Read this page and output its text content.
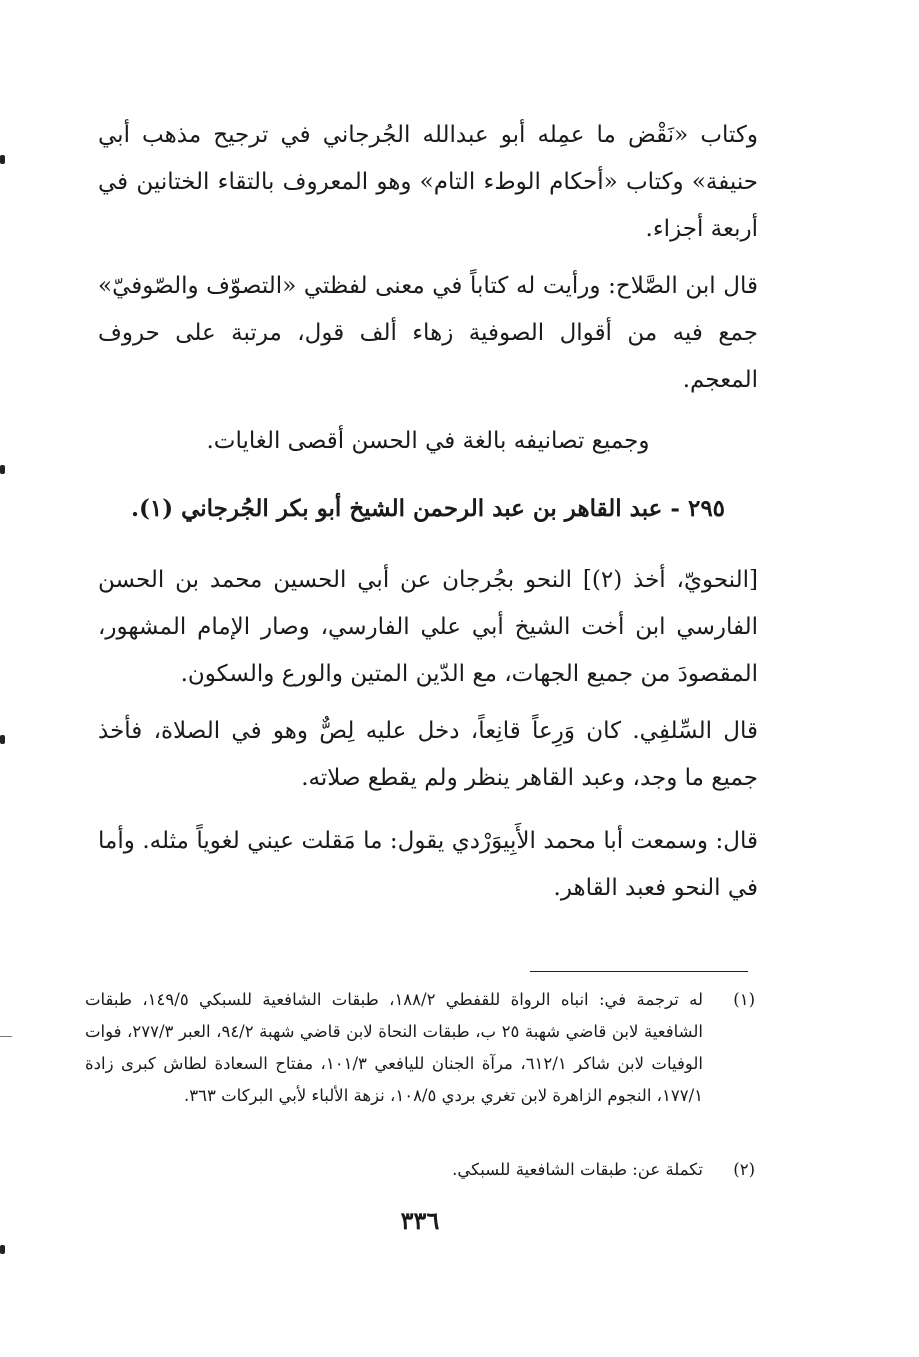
وكتاب «نَقْض ما عمِله أبو عبدالله الجُرجاني في ترجيح مذهب أبي حنيفة» وكتاب «أحكام الوطء التام» وهو المعروف بالتقاء الختانين في أربعة أجزاء.
قال ابن الصَّلاح: ورأيت له كتاباً في معنى لفظتي «التصوّف والصّوفيّ» جمع فيه من أقوال الصوفية زهاء ألف قول، مرتبة على حروف المعجم.
وجميع تصانيفه بالغة في الحسن أقصى الغايات.
٢٩٥ - عبد القاهر بن عبد الرحمن الشيخ أبو بكر الجُرجاني (١).
[النحويّ، أخذ (٢)] النحو بجُرجان عن أبي الحسين محمد بن الحسن الفارسي ابن أخت الشيخ أبي علي الفارسي، وصار الإمام المشهور، المقصودَ من جميع الجهات، مع الدّين المتين والورع والسكون.
قال السِّلفِي. كان وَرِعاً قانِعاً، دخل عليه لِصٌّ وهو في الصلاة، فأخذ جميع ما وجد، وعبد القاهر ينظر ولم يقطع صلاته.
قال: وسمعت أبا محمد الأَبِيوَرْدي يقول: ما مَقلت عيني لغوياً مثله. وأما في النحو فعبد القاهر.
(١)
له ترجمة في: انباه الرواة للقفطي ١٨٨/٢، طبقات الشافعية للسبكي ١٤٩/٥، طبقات الشافعية لابن قاضي شهبة ٢٥ ب، طبقات النحاة لابن قاضي شهبة ٩٤/٢، العبر ٢٧٧/٣، فوات الوفيات لابن شاكر ٦١٢/١، مرآة الجنان لليافعي ١٠١/٣، مفتاح السعادة لطاش كبرى زادة ١٧٧/١، النجوم الزاهرة لابن تغري بردي ١٠٨/٥، نزهة الألباء لأبي البركات ٣٦٣.
(٢)
تكملة عن: طبقات الشافعية للسبكي.
٣٣٦
